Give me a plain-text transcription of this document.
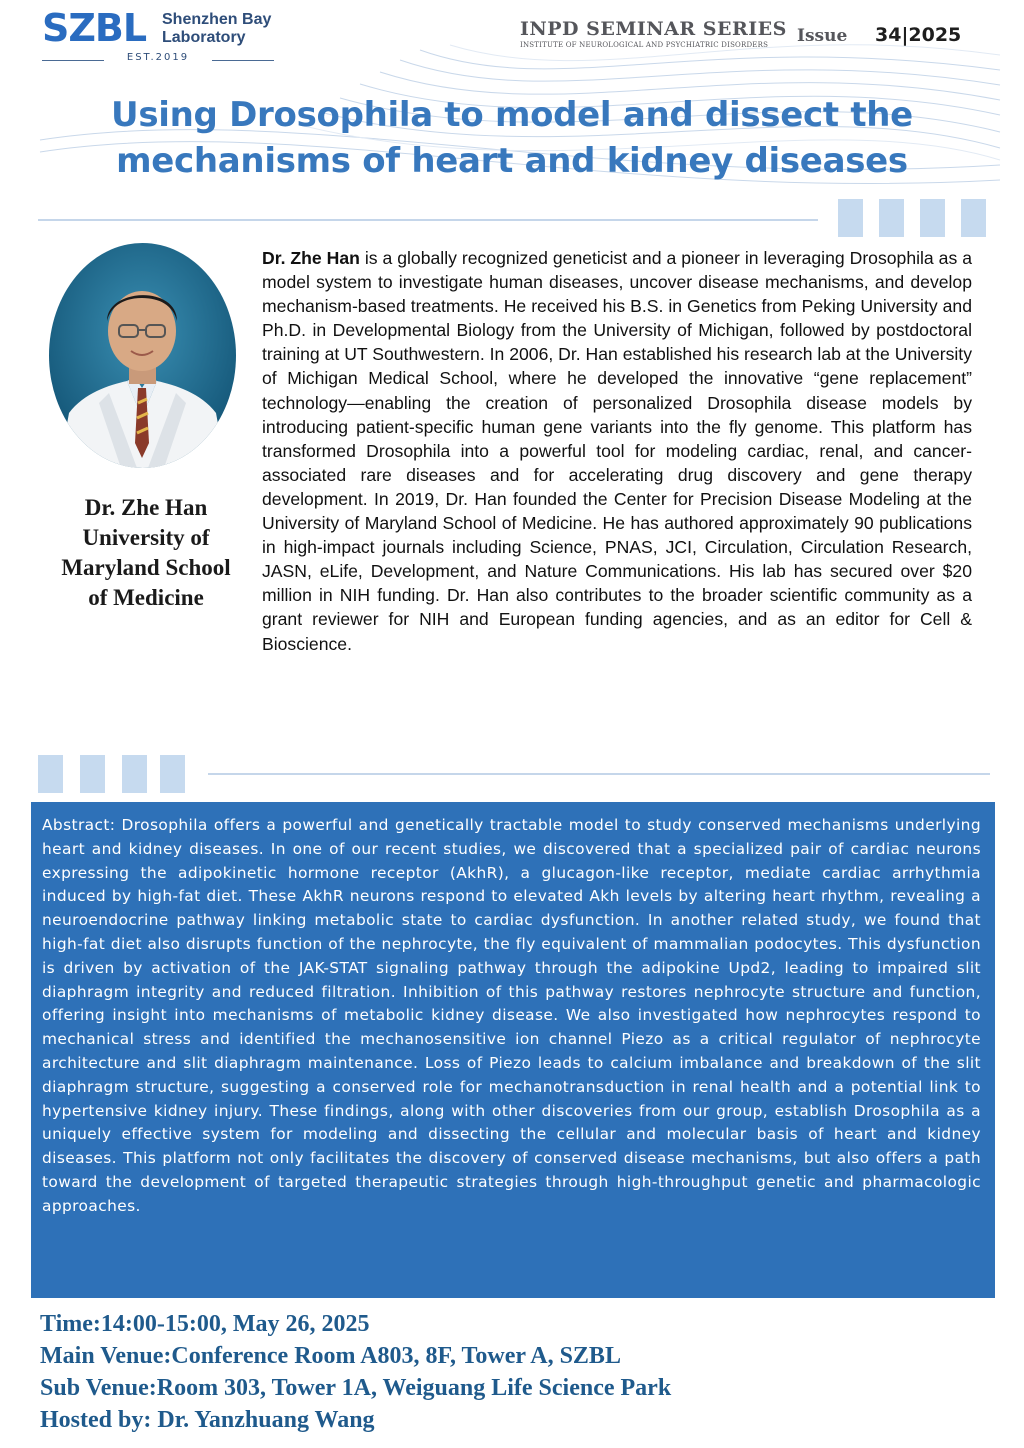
SZBL Shenzhen Bay
Laboratory
EST.2019
INPD SEMINAR SERIES
INSTITUTE OF NEUROLOGICAL AND PSYCHIATRIC DISORDERS	Issue 34|2025
Using Drosophila to model and dissect the
mechanisms of heart and kidney diseases
Dr. Zhe Han
University of
Maryland School
of Medicine
Dr. Zhe Han is a globally recognized geneticist and a pioneer in leveraging Drosophila as a model system to investigate human diseases, uncover disease mechanisms, and develop mechanism-based treatments. He received his B.S. in Genetics from Peking University and Ph.D. in Developmental Biology from the University of Michigan, followed by postdoctoral training at UT Southwestern. In 2006, Dr. Han established his research lab at the University of Michigan Medical School, where he developed the innovative “gene replacement” technology—enabling the creation of personalized Drosophila disease models by introducing patient-specific human gene variants into the fly genome. This platform has transformed Drosophila into a powerful tool for modeling cardiac, renal, and cancer-associated rare diseases and for accelerating drug discovery and gene therapy development. In 2019, Dr. Han founded the Center for Precision Disease Modeling at the University of Maryland School of Medicine. He has authored approximately 90 publications in high-impact journals including Science, PNAS, JCI, Circulation, Circulation Research, JASN, eLife, Development, and Nature Communications. His lab has secured over $20 million in NIH funding. Dr. Han also contributes to the broader scientific community as a grant reviewer for NIH and European funding agencies, and as an editor for Cell & Bioscience.

Abstract: Drosophila offers a powerful and genetically tractable model to study conserved mechanisms underlying heart and kidney diseases. In one of our recent studies, we discovered that a specialized pair of cardiac neurons expressing the adipokinetic hormone receptor (AkhR), a glucagon-like receptor, mediate cardiac arrhythmia induced by high-fat diet. These AkhR neurons respond to elevated Akh levels by altering heart rhythm, revealing a neuroendocrine pathway linking metabolic state to cardiac dysfunction. In another related study, we found that high-fat diet also disrupts function of the nephrocyte, the fly equivalent of mammalian podocytes. This dysfunction is driven by activation of the JAK-STAT signaling pathway through the adipokine Upd2, leading to impaired slit diaphragm integrity and reduced filtration. Inhibition of this pathway restores nephrocyte structure and function, offering insight into mechanisms of metabolic kidney disease. We also investigated how nephrocytes respond to mechanical stress and identified the mechanosensitive ion channel Piezo as a critical regulator of nephrocyte architecture and slit diaphragm maintenance. Loss of Piezo leads to calcium imbalance and breakdown of the slit diaphragm structure, suggesting a conserved role for mechanotransduction in renal health and a potential link to hypertensive kidney injury. These findings, along with other discoveries from our group, establish Drosophila as a uniquely effective system for modeling and dissecting the cellular and molecular basis of heart and kidney diseases. This platform not only facilitates the discovery of conserved disease mechanisms, but also offers a path toward the development of targeted therapeutic strategies through high-throughput genetic and pharmacologic approaches.

Time:14:00-15:00, May 26, 2025
Main Venue:Conference Room A803, 8F, Tower A, SZBL
Sub Venue:Room 303, Tower 1A, Weiguang Life Science Park
Hosted by: Dr. Yanzhuang Wang
